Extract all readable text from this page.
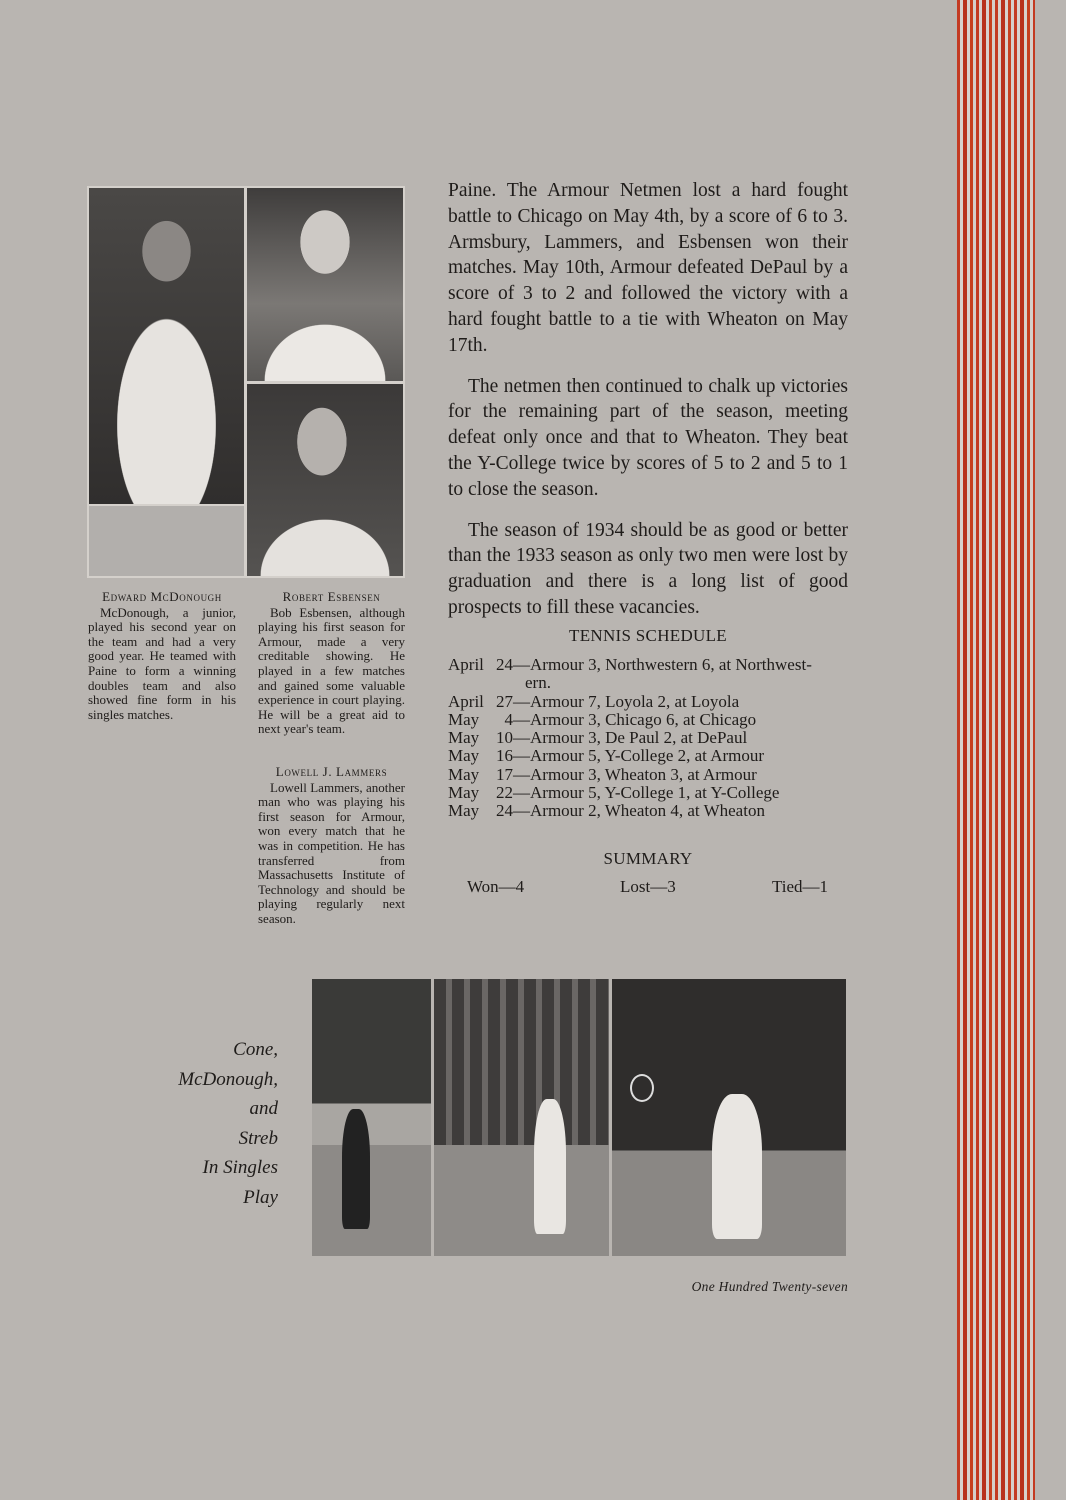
Edward McDonough

McDonough, a junior, played his second year on the team and had a very good year. He teamed with Paine to form a winning doubles team and also showed fine form in his singles matches.

Robert Esbensen

Bob Esbensen, although playing his first season for Armour, made a very creditable showing. He played in a few matches and gained some valuable experience in court playing. He will be a great aid to next year's team.

Lowell J. Lammers

Lowell Lammers, another man who was playing his first season for Armour, won every match that he was in competition. He has transferred from Massachusetts Institute of Technology and should be playing regularly next season.

Paine. The Armour Netmen lost a hard fought battle to Chicago on May 4th, by a score of 6 to 3. Armsbury, Lammers, and Esbensen won their matches. May 10th, Armour defeated DePaul by a score of 3 to 2 and followed the victory with a hard fought battle to a tie with Wheaton on May 17th.

The netmen then continued to chalk up victories for the remaining part of the season, meeting defeat only once and that to Wheaton. They beat the Y-College twice by scores of 5 to 2 and 5 to 1 to close the season.

The season of 1934 should be as good or better than the 1933 season as only two men were lost by graduation and there is a long list of good prospects to fill these vacancies.

TENNIS SCHEDULE
April 24 —Armour 3, Northwestern 6, at Northwest-
ern.
April 27 —Armour 7, Loyola 2, at Loyola
May	4 —Armour 3, Chicago 6, at Chicago
May 10 —Armour 3, De Paul 2, at DePaul
May 16 —Armour 5, Y-College 2, at Armour
May 17 —Armour 3, Wheaton 3, at Armour
May 22 —Armour 5, Y-College 1, at Y-College
May 24 —Armour 2, Wheaton 4, at Wheaton
SUMMARY
Won—4	Lost—3	Tied—1
Cone,
McDonough,
and
Streb
In Singles
Play
One Hundred Twenty-seven
